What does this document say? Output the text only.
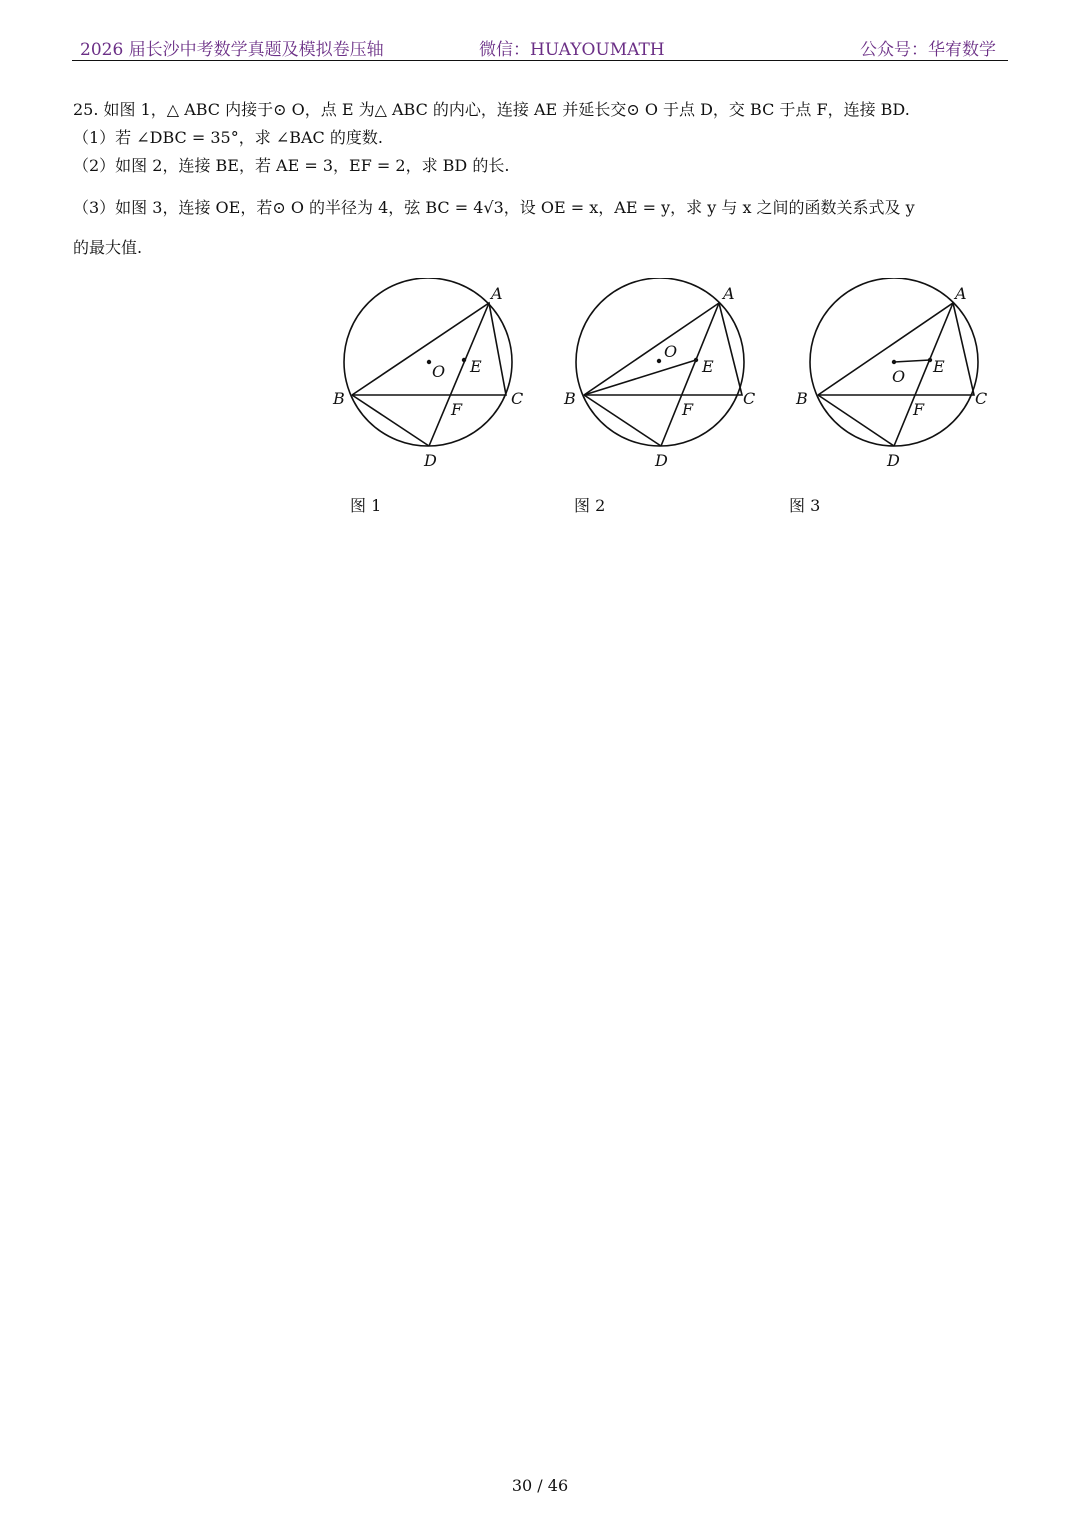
2026 届长沙中考数学真题及模拟卷压轴	微信：HUAYOUMATH	公众号：华宥数学
25. 如图 1，△ ABC 内接于⊙ O，点 E 为△ ABC 的内心，连接 AE 并延长交⊙ O 于点 D，交 BC 于点 F，连接 BD.
（1）若 ∠DBC = 35°，求 ∠BAC 的度数.
（2）如图 2，连接 BE，若 AE = 3，EF = 2，求 BD 的长.
（3）如图 3，连接 OE，若⊙ O 的半径为 4，弦 BC = 4√3，设 OE = x，AE = y，求 y 与 x 之间的函数关系式及 y
的最大值.
A
B	C
D
E
F
O
图 1
A
B	C
D
E
F
O
图 2
A
B	C
D
E
F
O
图 3
30 / 46
